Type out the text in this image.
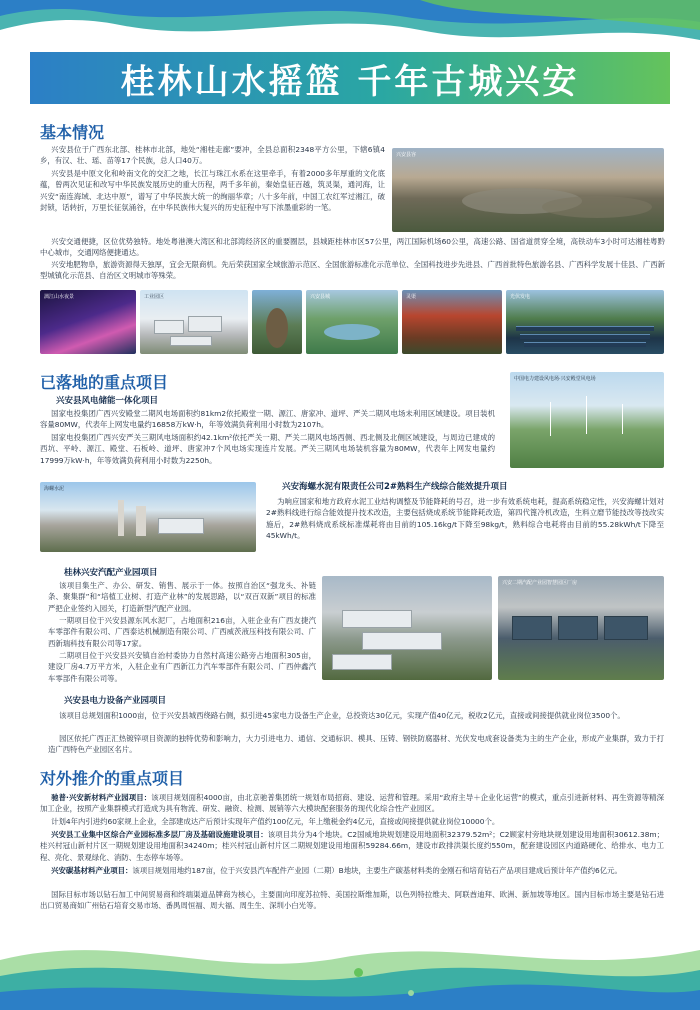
桂林山水摇篮 千年古城兴安
基本情况
兴安县位于广西东北部、桂林市北部，地处“湘桂走廊”要冲，全县总面积2348平方公里，下辖6镇4乡，有汉、壮、瑶、苗等17个民族，总人口40万。
兴安县是中原文化和岭南文化的交汇之地，长江与珠江水系在这里牵手，有着2000多年厚重的文化底蕴，曾两次见证和改写中华民族发展历史的重大历程，两千多年前，秦始皇征百越，筑灵渠，通河海，让兴安“南连海域、北达中原”，谱写了中华民族大统一的绚丽华章；八十多年前，中国工农红军过湘江，破封锁，话转折，万里长征氛涌谷，在中华民族伟大复兴的历史征程中写下浓墨重彩的一笔。
兴安县容
兴安交通便捷，区位优势独特。地处粤港澳大湾区和北部湾经济区的重要圈层，县城距桂林市区57公里，两江国际机场60公里，高速公路、国省道贯穿全境，高铁动车3小时可达湘桂粤黔中心城市，交通网络便捷通达。
兴安地肥物阜，旅游资源得天独厚，宜会无限商机。先后荣获国家全域旅游示范区、全国旅游标准化示范单位、全国科技进步先进县、广西首批特色旅游名县、广西科学发展十佳县、广西新型城镇化示范县、自治区文明城市等殊荣。
漓江山水夜景	工业园区	兴安县城	灵渠	光伏发电
已落地的重点项目
兴安县风电储能一体化项目
国家电投集团广西兴安殿堂二期风电场面积约81km2依托殿堂一期、源江、唐家冲、道坪、严关二期风电场未利用区域建设。项目装机容量80MW，代表年上网发电量约16858万kW·h，年等效满负荷利用小时数为2107h。
国家电投集团广西兴安严关三期风电场面积约42.1km²依托严关一期、严关二期风电场西侧、西北侧及北侧区域建设，与周边已建成的西坑、平岭、源江、殿堂、石板岭、道坪、唐家冲7个风电场实现连片发展。严关三期风电场装机容量为80MW，代表年上网发电量约17999万kW·h，年等效满负荷利用小时数为2250h。
中国电力建设风电场·兴安殿堂风电场
海螺水泥	兴安海螺水泥有限责任公司2#熟料生产线综合能效提升项目
为响应国家和地方政府水泥工业结构调整及节能降耗的号召，进一步有效系统电耗，提高系统稳定性，兴安海螺计划对2#熟料线进行综合能效提升技术改造，主要包括烧成系统节能降耗改造，第四代篦冷机改造，生料立磨节能技改等技改实施后，2#熟料烧成系统标准煤耗将由目前的105.16kg/t下降至98kg/t，熟料综合电耗将由目前的55.28kWh/t下降至45kWh/t。
桂林兴安汽配产业园项目
该项目集生产、办公、研发、销售、展示于一体。按照自治区“强龙头、补链条、聚集群”和“培植工业树、打造产业林”的发展思路，以“双百双新”项目的标准严把企业签约入园关，打造新型汽配产业园。
一期项目位于兴安县源东风水泥厂，占地面积216亩，入驻企业有广西友捷汽车零部件有限公司、广西泰达机械制造有限公司、广西威茨液压科技有限公司、广西新瑞科技有限公司等17家。
二期项目位于兴安县兴安镇自治村委协力自然村高速公路旁占地面积305亩，建设厂房4.7万平方米，入驻企业有广西新江力汽车零部件有限公司、广西仲鑫汽车零部件有限公司等。
兴安二期汽配产业园智慧园区厂房
兴安县电力设备产业园项目
该项目总规划面积1000亩，位于兴安县城西绕路右侧，拟引进45家电力设备生产企业，总投资达30亿元，实现产值40亿元，税收2亿元，直接或间接提供就业岗位3500个。
园区依托广西正汇热镀锌项目资源的独特优势和影响力，大力引进电力、通信、交通标识、模具、压铸、钢铁防腐器材、光伏发电成套设备类为主的生产企业，形成产业集群，致力于打造广西特色产业园区名片。
对外推介的重点项目
驰普·兴安新材料产业园项目：该项目规划面积4000亩，由北京驰普集团统一规划布局招商、建设、运营和管理。采用“政府主导＋企业化运营”的模式，重点引进新材料、再生资源等精深加工企业，按照产业集群模式打造成为具有物流、研发、融资、检测、展销等六大模块配套服务的现代化综合性产业园区。
计划4年内引进约60家规上企业，全部建成达产后预计实现年产值约100亿元，年上缴税金约4亿元，直接或间接提供就业岗位10000个。
兴安县工业集中区综合产业园标准多层厂房及基础设施建设项目：该项目共分为4个地块。C2国威地块规划建设用地面积32379.52m²；C2顾家村旁地块规划建设用地面积30612.38m；桂兴村冠山新村片区一期规划建设用地面积34240m；桂兴村冠山新村片区二期规划建设用地面积59284.66m，建设市政排洪渠长度约550m，配套建设园区内道路硬化、给排水、电力工程、亮化、景观绿化、消防、生态停车场等。
兴安碳基材料产业项目：该项目规划用地约187亩，位于兴安县汽车配件产业园（二期）B地块，主要生产碳基材料类的金刚石和培育钻石产品项目建成后预计年产值约6亿元。
国际目标市场以钻石加工中间贸易商和终端渠道品牌商为核心，主要面向印度苏拉特、美国拉斯维加斯，以色列特拉维夫、阿联酋迪拜、欧洲、新加坡等地区。国内目标市场主要是钻石进出口贸易商如广州钻石培育交易市场、番禺周恒福、周大福、周生生、深圳小白光等。
